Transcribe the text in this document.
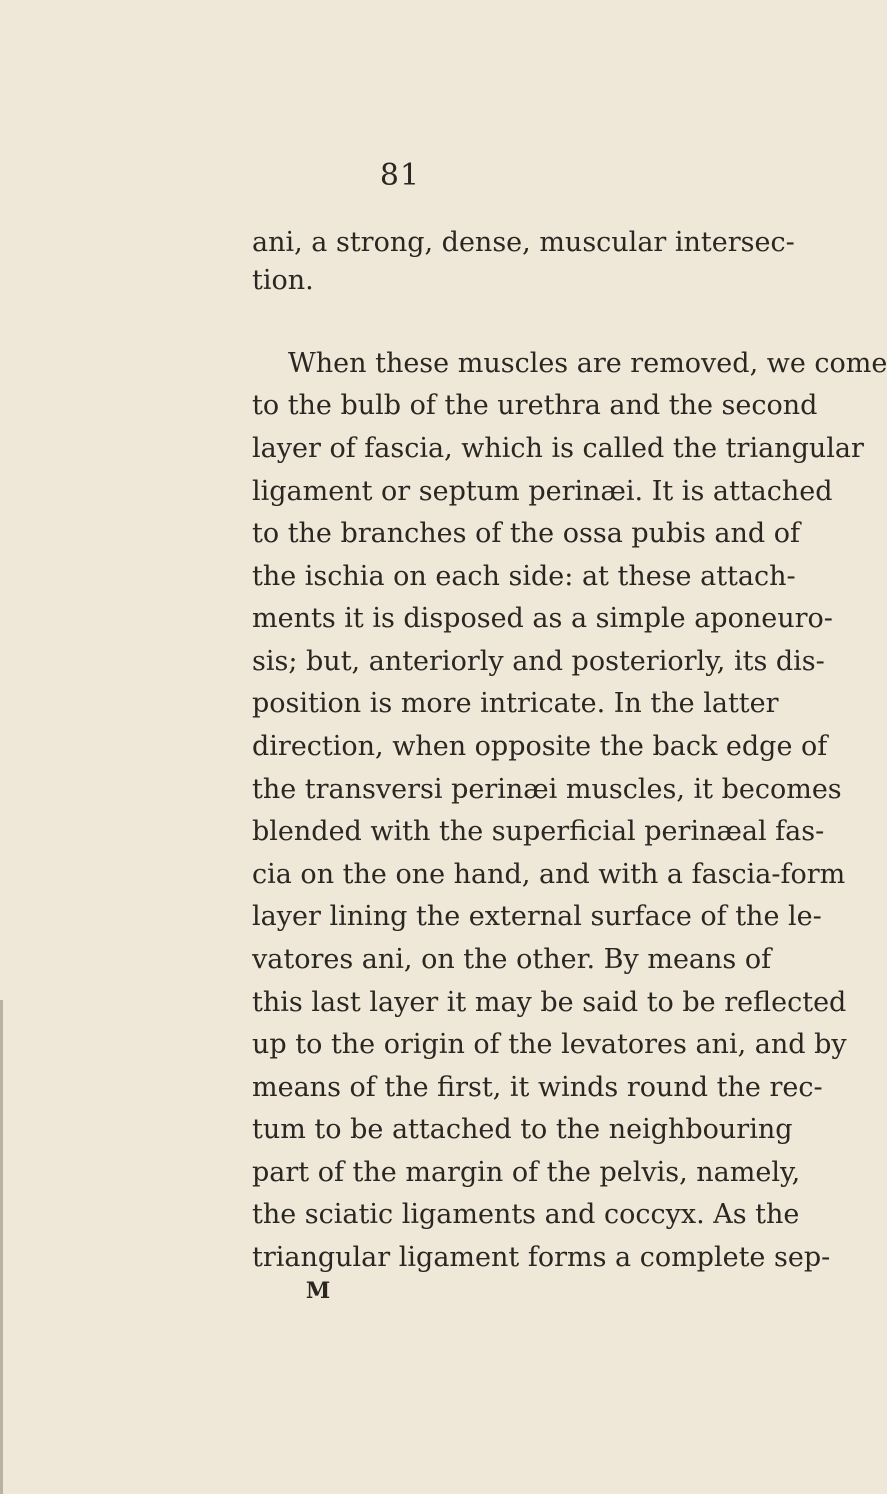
81
ani, a strong, dense, muscular intersec-
tion.
When these muscles are removed, we come
to the bulb of the urethra and the second
layer of fascia, which is called the triangular
ligament or septum perinæi. It is attached
to the branches of the ossa pubis and of
the ischia on each side: at these attach-
ments it is disposed as a simple aponeuro-
sis; but, anteriorly and posteriorly, its dis-
position is more intricate. In the latter
direction, when opposite the back edge of
the transversi perinæi muscles, it becomes
blended with the superficial perinæal fas-
cia on the one hand, and with a fascia-form
layer lining the external surface of the le-
vatores ani, on the other. By means of
this last layer it may be said to be reflected
up to the origin of the levatores ani, and by
means of the first, it winds round the rec-
tum to be attached to the neighbouring
part of the margin of the pelvis, namely,
the sciatic ligaments and coccyx. As the
triangular ligament forms a complete sep-
M
